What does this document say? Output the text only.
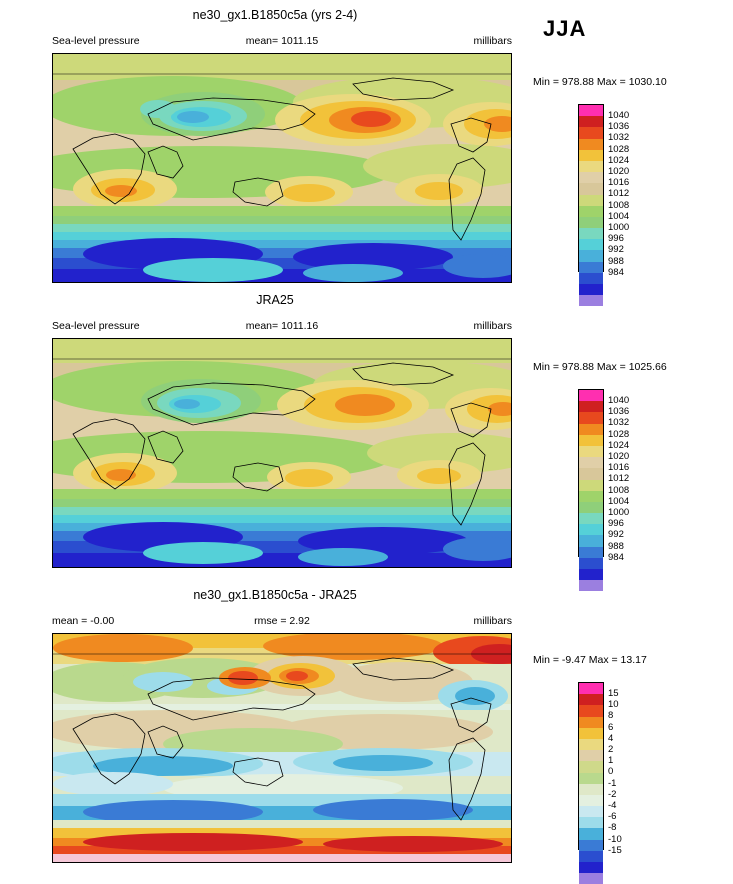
JJA
ne30_gx1.B1850c5a (yrs 2-4)
Sea-level pressure	mean= 1011.15	millibars
Min = 978.88 Max = 1030.10
1040
1036
1032
1028
1024
1020
1016
1012
1008
1004
1000
996
992
988
984
JRA25
Sea-level pressure	mean= 1011.16	millibars
Min = 978.88 Max = 1025.66
1040
1036
1032
1028
1024
1020
1016
1012
1008
1004
1000
996
992
988
984
ne30_gx1.B1850c5a - JRA25
mean = -0.00	rmse = 2.92	millibars
Min = -9.47 Max = 13.17
15
10
8
6
4
2
1
0
-1
-2
-4
-6
-8
-10
-15
